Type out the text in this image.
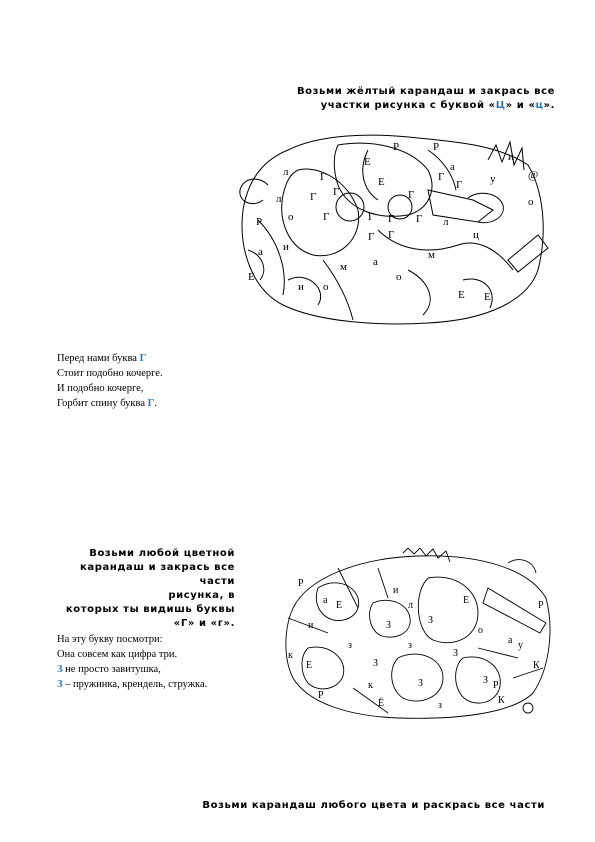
Возьми жёлтый карандаш и закрась все
участки рисунка с буквой «Ц» и «ц».
Е
Р
Е
Р
а
у
и
@
Г
Г
Г
Г	Г Г
Г
Г
Г
Г Г
Г
л
л
л
о
а и
Е
Р
м
о
о
Е Е
м
а
и
ц
о
Перед нами буква Г
Стоит подобно кочерге.
И подобно кочерге,
Горбит спину буква Г.
Возьми любой цветной
карандаш и закрась все
части
рисунка, в
которых ты видишь буквы
«Г» и «г».
На эту букву посмотри:
Она совсем как цифра три.
З не просто завитушка,
З – пружинка, крендель, стружка.
Р
Е	Е
З	З
З
З	З
З
з	з
з
и
и
а
а
к
к
К
К
у
о
Р
Р
л
Р
Е
Ё
Возьми карандаш любого цвета и раскрась все части
